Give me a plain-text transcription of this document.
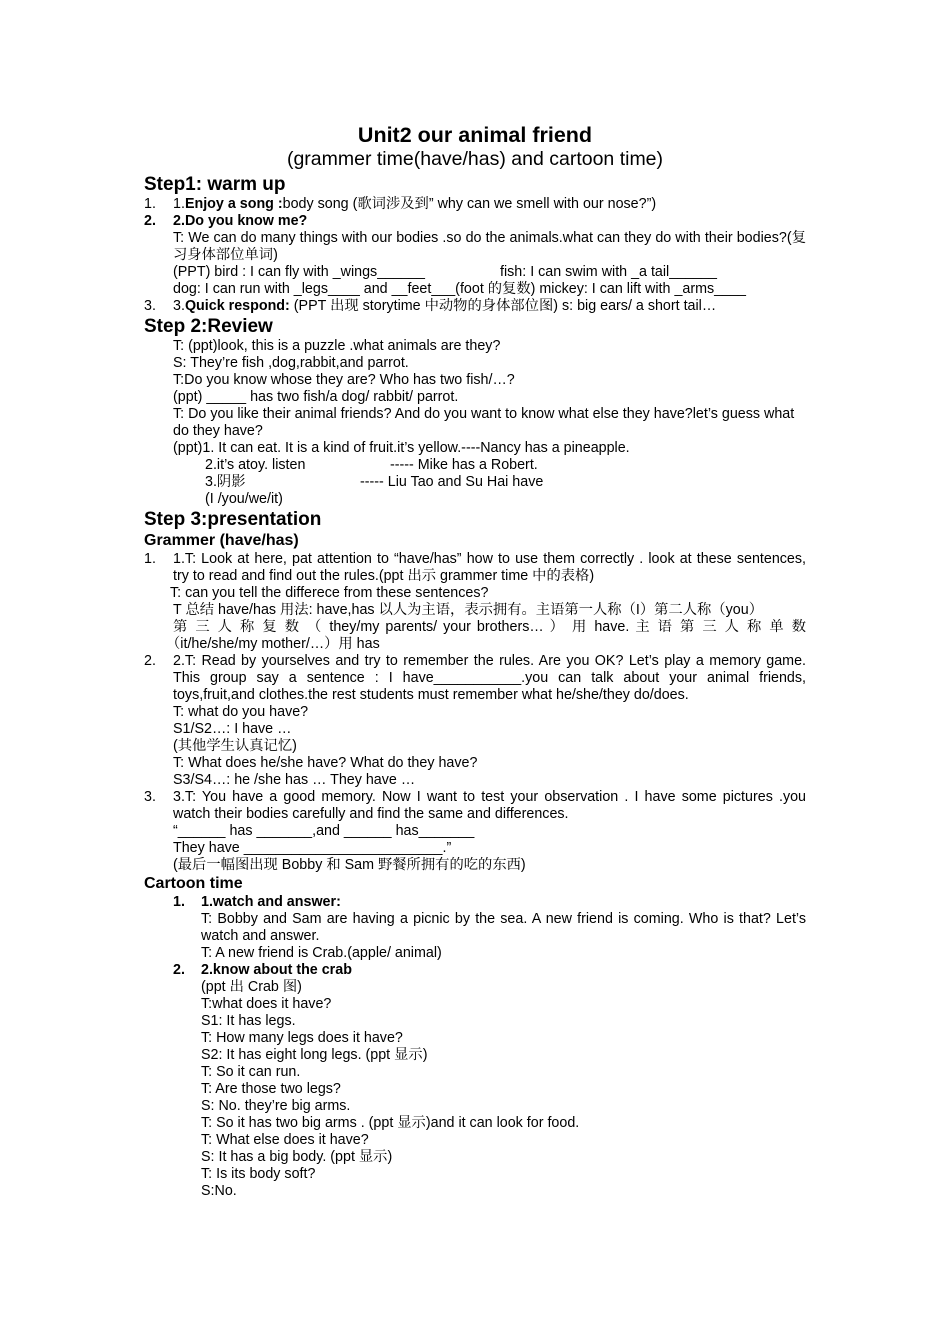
Unit2 our animal friend
(grammer time(have/has) and cartoon time)
Step1: warm up
1. 1.Enjoy a song :body song (歌词涉及到” why can we smell with our nose?”)
2. 2.Do you know me?
T: We can do many things with our bodies .so do the animals.what can they do with their bodies?(复习身体部位单词)
(PPT) bird : I can fly with _wings______	fish: I can swim with _a tail______
dog: I can run with _legs____ and __feet___(foot 的复数) mickey: I can lift with _arms____
3. 3.Quick respond: (PPT 出现 storytime 中动物的身体部位图) s: big ears/ a short tail…
Step 2:Review
T: (ppt)look, this is a puzzle .what animals are they?
S: They’re fish ,dog,rabbit,and parrot.
T:Do you know whose they are? Who has two fish/…?
(ppt) _____ has two fish/a dog/ rabbit/ parrot.
T: Do you like their animal friends? And do you want to know what else they have?let’s guess what do they have?
(ppt)1. It can eat. It is a kind of fruit.it’s yellow.----Nancy has a pineapple.
2.it’s atoy. listen	----- Mike has a Robert.
3.阴影	----- Liu Tao and Su Hai have
(I /you/we/it)
Step 3:presentation
Grammer (have/has)
1. 1.T: Look at here, pat attention to “have/has” how to use them correctly . look at these sentences, try to read and find out the rules.(ppt 出示 grammer time 中的表格)
T: can you tell the differece from these sentences?
T 总结 have/has 用法: have,has 以人为主语，表示拥有。主语第一人称（I）第二人称（you）
第 三 人 称 复 数 （ they/my parents/ your brothers… ） 用 have. 主 语 第 三 人 称 单 数
（it/he/she/my mother/…）用 has
2. 2.T: Read by yourselves and try to remember the rules. Are you OK? Let’s play a memory game. This group say a sentence : I have___________.you can talk about your animal friends, toys,fruit,and clothes.the rest students must remember what he/she/they do/does.
T: what do you have?
S1/S2…: I have …
(其他学生认真记忆)
T: What does he/she have? What do they have?
S3/S4…: he /she has … They have …
3. 3.T: You have a good memory. Now I want to test your observation . I have some pictures .you watch their bodies carefully and find the same and differences.
“______ has _______,and ______ has_______
They have _________________________.”
(最后一幅图出现 Bobby 和 Sam 野餐所拥有的吃的东西)
Cartoon time
1. 1.watch and answer:
T: Bobby and Sam are having a picnic by the sea. A new friend is coming. Who is that? Let’s watch and answer.
T: A new friend is Crab.(apple/ animal)
2. 2.know about the crab
(ppt 出 Crab 图)
T:what does it have?
S1: It has legs.
T: How many legs does it have?
S2: It has eight long legs. (ppt 显示)
T: So it can run.
T: Are those two legs?
S: No. they’re big arms.
T: So it has two big arms . (ppt 显示)and it can look for food.
T: What else does it have?
S: It has a big body. (ppt 显示)
T: Is its body soft?
S:No.
